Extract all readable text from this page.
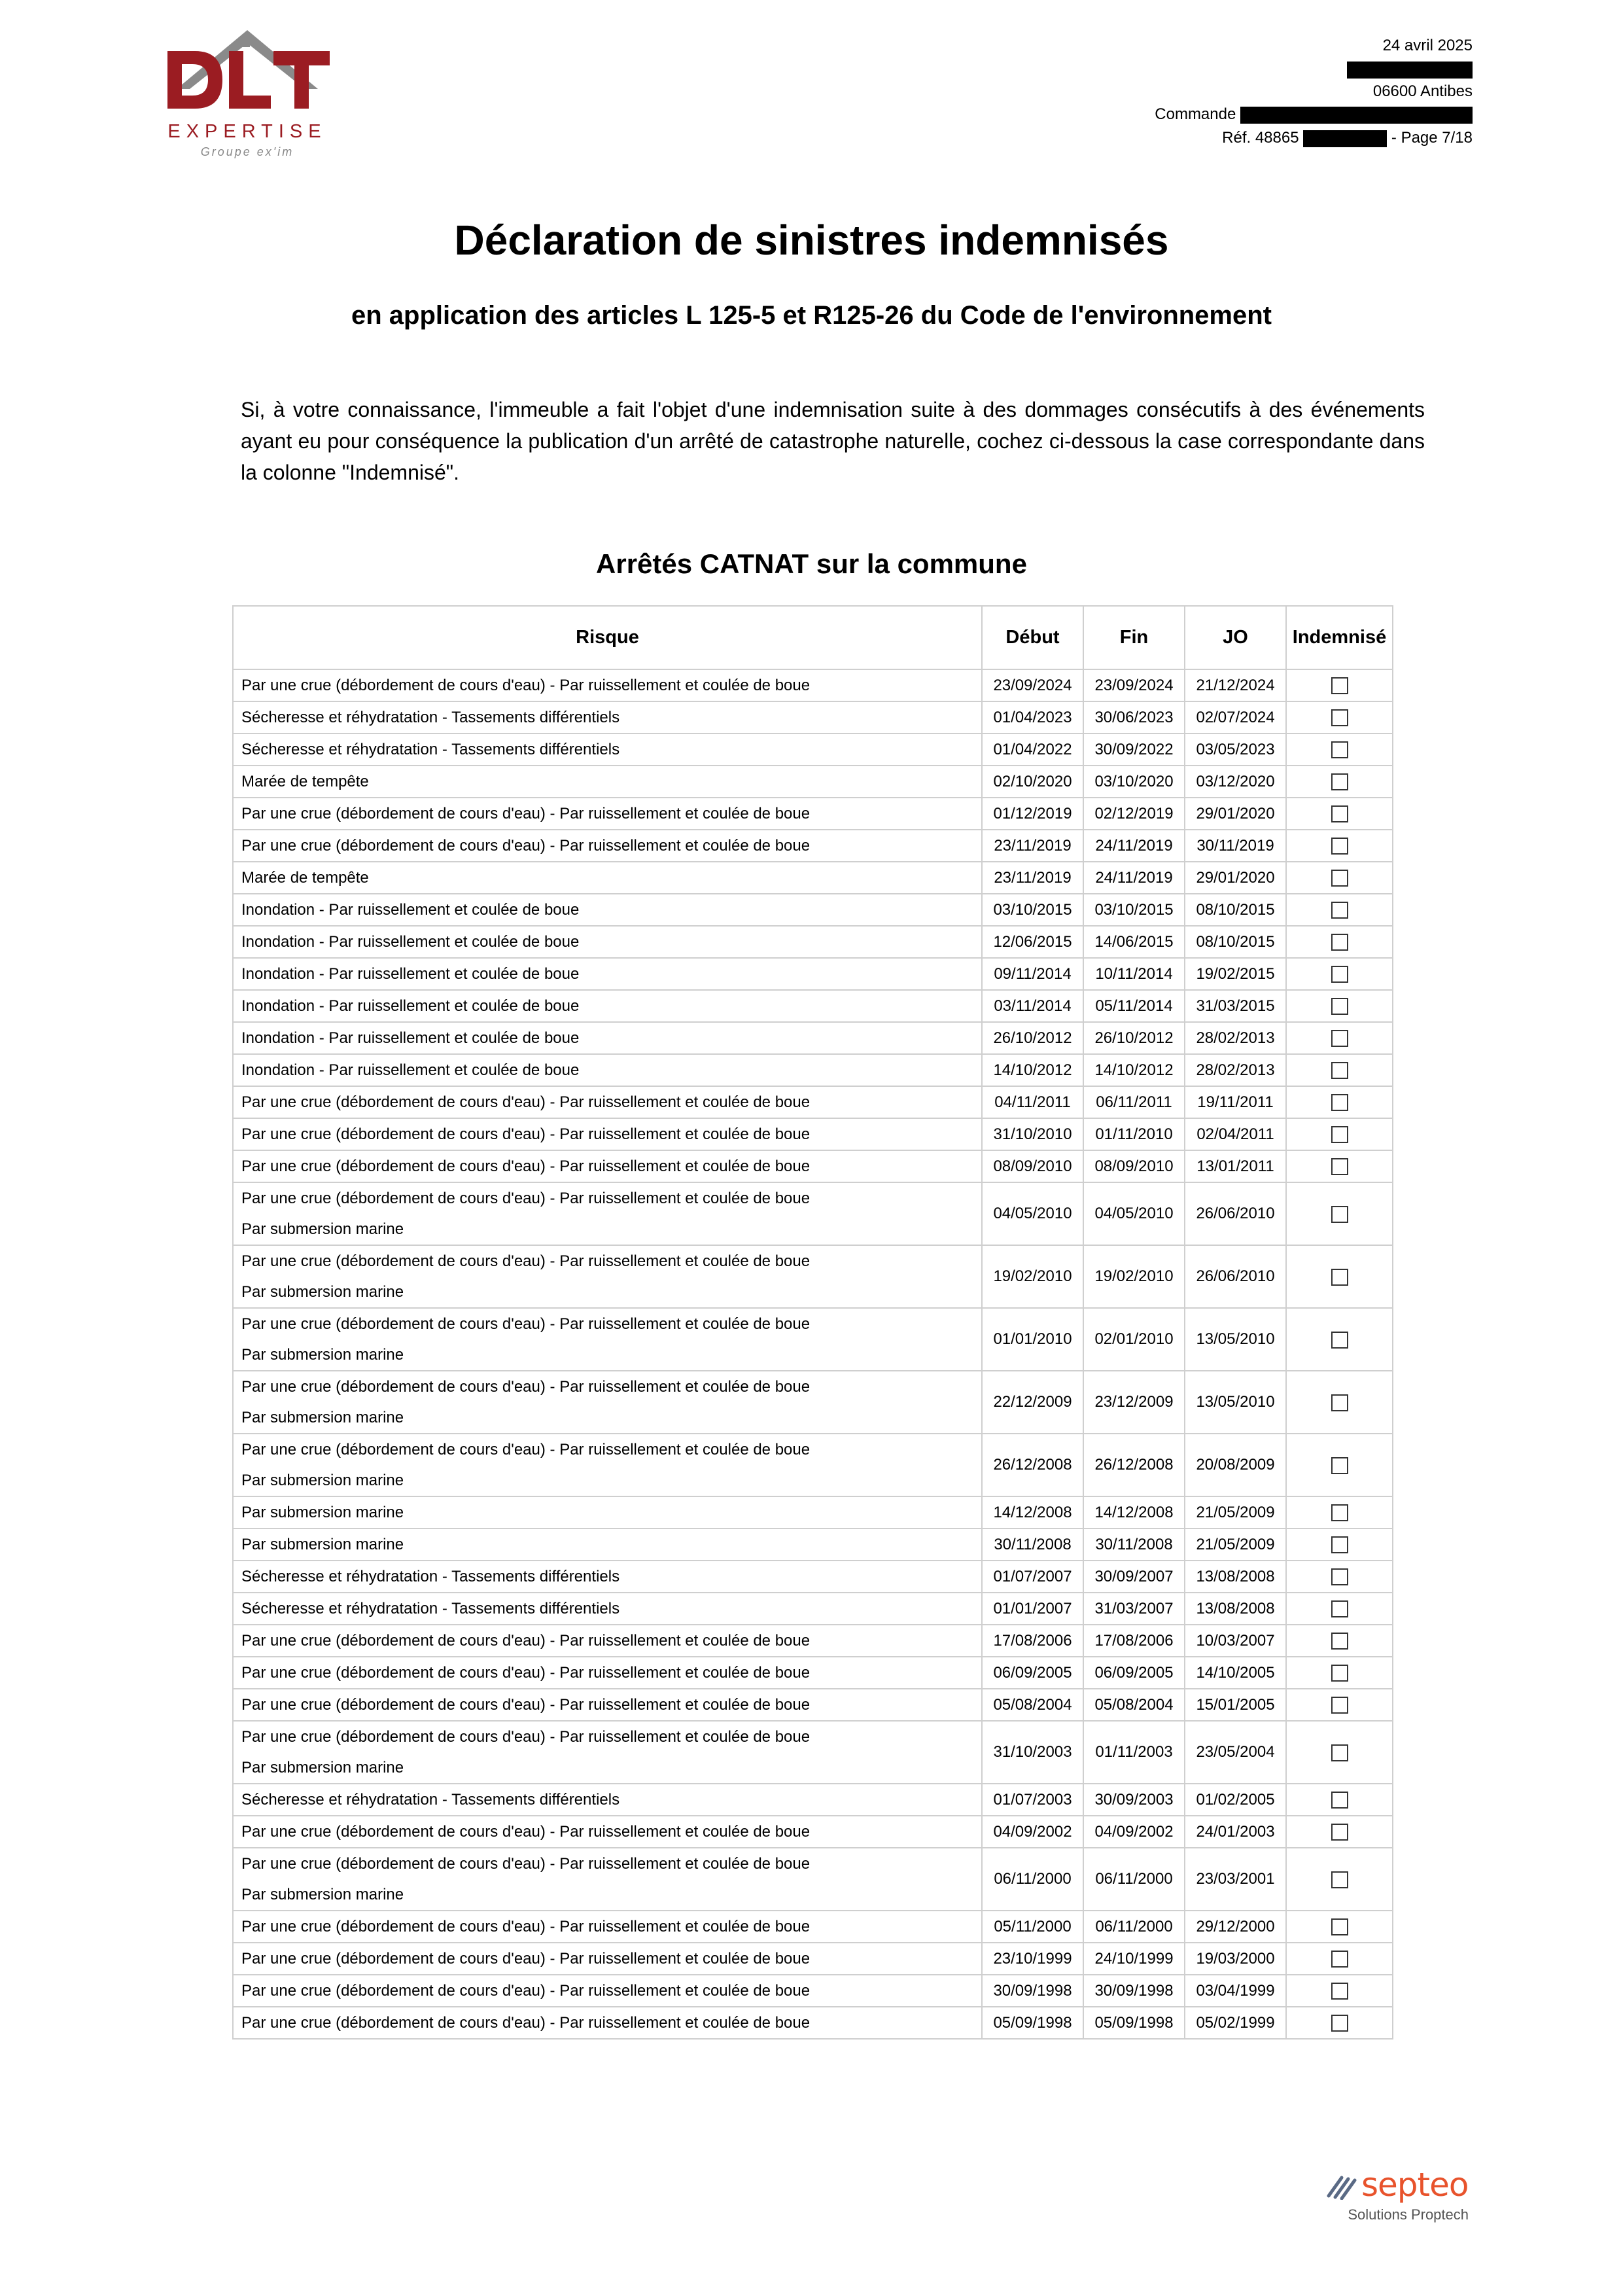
EXPERTISE
Groupe ex'im
24 avril 2025
06600 Antibes
Commande
Réf. 48865	- Page 7/18
Déclaration de sinistres indemnisés
en application des articles L 125-5 et R125-26 du Code de l'environnement
Si, à votre connaissance, l'immeuble a fait l'objet d'une indemnisation suite à des dommages consécutifs à des événements ayant eu pour conséquence la publication d'un arrêté de catastrophe naturelle, cochez ci-dessous la case correspondante dans la colonne "Indemnisé".
Arrêtés CATNAT sur la commune
Risque	Début	Fin	JO	Indemnisé

Par une crue (débordement de cours d'eau) - Par ruissellement et coulée de boue	23/09/2024	23/09/2024	21/12/2024	

Sécheresse et réhydratation - Tassements différentiels	01/04/2023	30/06/2023	02/07/2024	

Sécheresse et réhydratation - Tassements différentiels	01/04/2022	30/09/2022	03/05/2023	

Marée de tempête	02/10/2020	03/10/2020	03/12/2020	

Par une crue (débordement de cours d'eau) - Par ruissellement et coulée de boue	01/12/2019	02/12/2019	29/01/2020	

Par une crue (débordement de cours d'eau) - Par ruissellement et coulée de boue	23/11/2019	24/11/2019	30/11/2019	

Marée de tempête	23/11/2019	24/11/2019	29/01/2020	

Inondation - Par ruissellement et coulée de boue	03/10/2015	03/10/2015	08/10/2015	

Inondation - Par ruissellement et coulée de boue	12/06/2015	14/06/2015	08/10/2015	

Inondation - Par ruissellement et coulée de boue	09/11/2014	10/11/2014	19/02/2015	

Inondation - Par ruissellement et coulée de boue	03/11/2014	05/11/2014	31/03/2015	

Inondation - Par ruissellement et coulée de boue	26/10/2012	26/10/2012	28/02/2013	

Inondation - Par ruissellement et coulée de boue	14/10/2012	14/10/2012	28/02/2013	

Par une crue (débordement de cours d'eau) - Par ruissellement et coulée de boue	04/11/2011	06/11/2011	19/11/2011	

Par une crue (débordement de cours d'eau) - Par ruissellement et coulée de boue	31/10/2010	01/11/2010	02/04/2011	

Par une crue (débordement de cours d'eau) - Par ruissellement et coulée de boue	08/09/2010	08/09/2010	13/01/2011	

Par une crue (débordement de cours d'eau) - Par ruissellement et coulée de boue
Par submersion marine	04/05/2010	04/05/2010	26/06/2010	

Par une crue (débordement de cours d'eau) - Par ruissellement et coulée de boue
Par submersion marine	19/02/2010	19/02/2010	26/06/2010	

Par une crue (débordement de cours d'eau) - Par ruissellement et coulée de boue
Par submersion marine	01/01/2010	02/01/2010	13/05/2010	

Par une crue (débordement de cours d'eau) - Par ruissellement et coulée de boue
Par submersion marine	22/12/2009	23/12/2009	13/05/2010	

Par une crue (débordement de cours d'eau) - Par ruissellement et coulée de boue
Par submersion marine	26/12/2008	26/12/2008	20/08/2009	

Par submersion marine	14/12/2008	14/12/2008	21/05/2009	

Par submersion marine	30/11/2008	30/11/2008	21/05/2009	

Sécheresse et réhydratation - Tassements différentiels	01/07/2007	30/09/2007	13/08/2008	

Sécheresse et réhydratation - Tassements différentiels	01/01/2007	31/03/2007	13/08/2008	

Par une crue (débordement de cours d'eau) - Par ruissellement et coulée de boue	17/08/2006	17/08/2006	10/03/2007	

Par une crue (débordement de cours d'eau) - Par ruissellement et coulée de boue	06/09/2005	06/09/2005	14/10/2005	

Par une crue (débordement de cours d'eau) - Par ruissellement et coulée de boue	05/08/2004	05/08/2004	15/01/2005	

Par une crue (débordement de cours d'eau) - Par ruissellement et coulée de boue
Par submersion marine	31/10/2003	01/11/2003	23/05/2004	

Sécheresse et réhydratation - Tassements différentiels	01/07/2003	30/09/2003	01/02/2005	

Par une crue (débordement de cours d'eau) - Par ruissellement et coulée de boue	04/09/2002	04/09/2002	24/01/2003	

Par une crue (débordement de cours d'eau) - Par ruissellement et coulée de boue
Par submersion marine	06/11/2000	06/11/2000	23/03/2001	

Par une crue (débordement de cours d'eau) - Par ruissellement et coulée de boue	05/11/2000	06/11/2000	29/12/2000	

Par une crue (débordement de cours d'eau) - Par ruissellement et coulée de boue	23/10/1999	24/10/1999	19/03/2000	

Par une crue (débordement de cours d'eau) - Par ruissellement et coulée de boue	30/09/1998	30/09/1998	03/04/1999	

Par une crue (débordement de cours d'eau) - Par ruissellement et coulée de boue	05/09/1998	05/09/1998	05/02/1999	
septeo
Solutions Proptech
